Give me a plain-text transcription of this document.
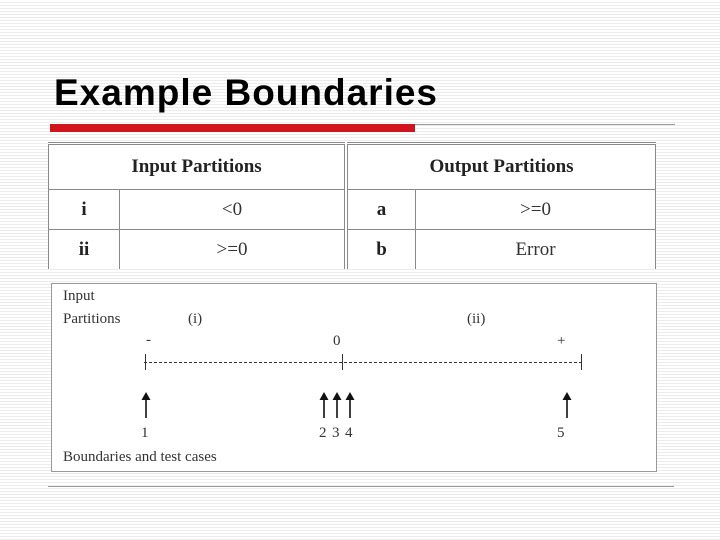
Example Boundaries
Input Partitions	
i	<0
ii	>=0
Output Partitions	
a	>=0
b	Error
Input
Partitions	(i)	(ii)
-	0	+
1	2 3 4	5
Boundaries and test cases
